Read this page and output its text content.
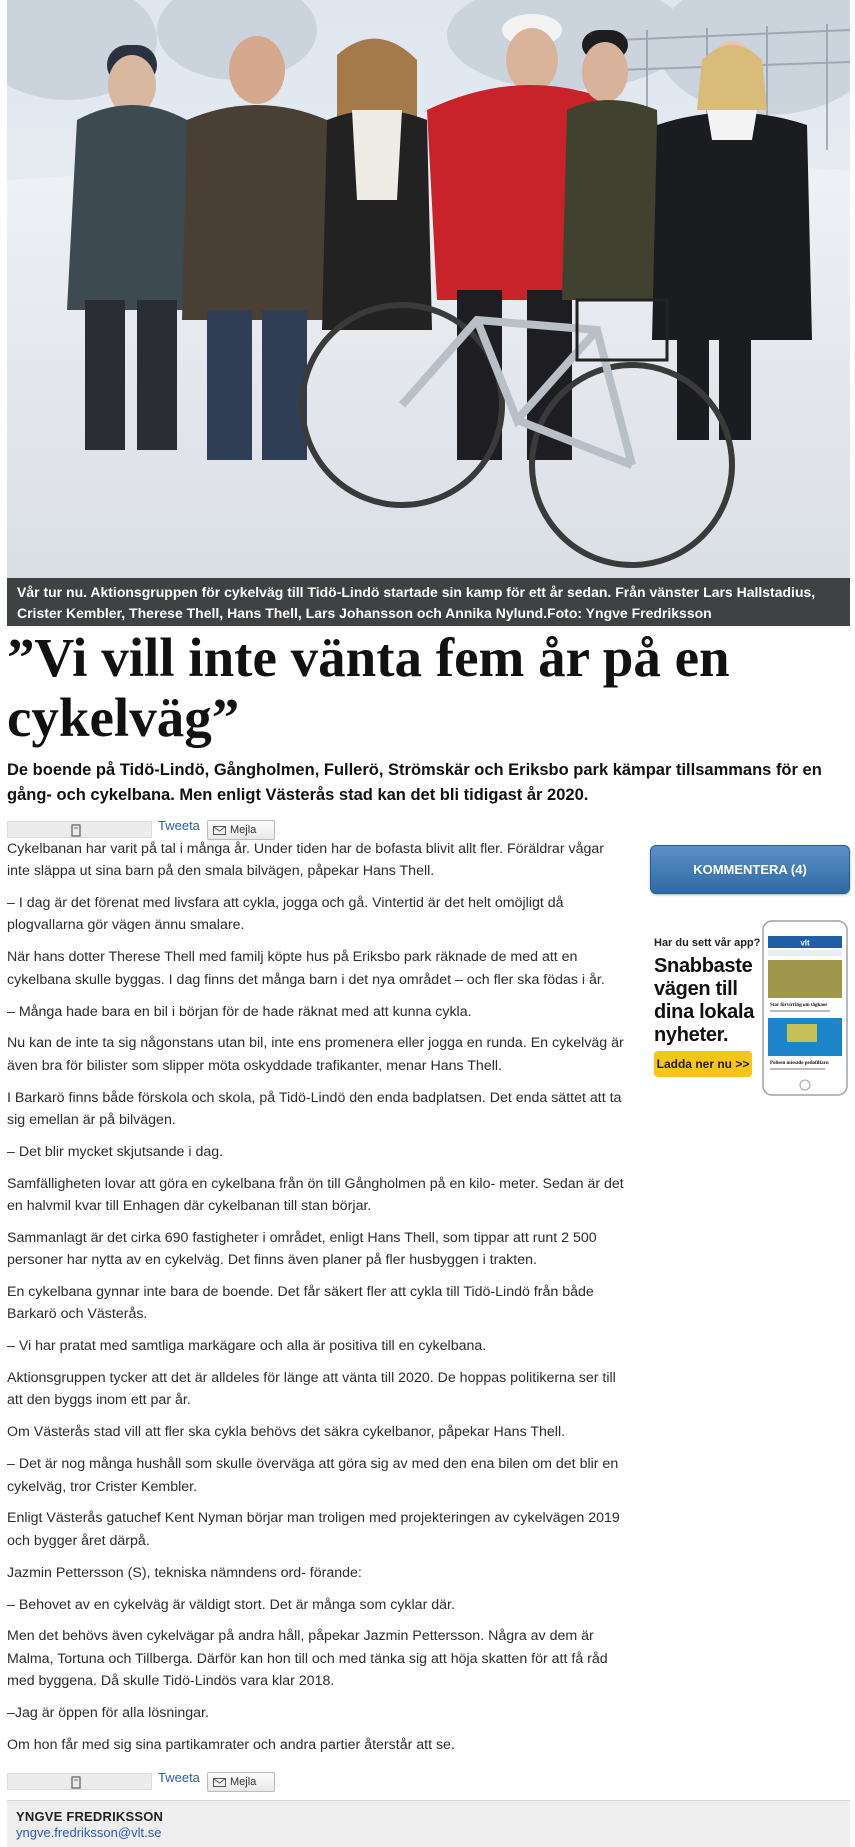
Vår tur nu. Aktionsgruppen för cykelväg till Tidö-Lindö startade sin kamp för ett år sedan. Från vänster Lars Hallstadius, Crister Kembler, Therese Thell, Hans Thell, Lars Johansson och Annika Nylund.Foto: Yngve Fredriksson
”Vi vill inte vänta fem år på en cykelväg”
De boende på Tidö-Lindö, Gångholmen, Fullerö, Strömskär och Eriksbo park kämpar tillsammans för en gång- och cykelbana. Men enligt Västerås stad kan det bli tidigast år 2020.
Tweeta	Mejla

Cykelbanan har varit på tal i många år. Under tiden har de bofasta blivit allt fler. Föräldrar vågar inte släppa ut sina barn på den smala bilvägen, påpekar Hans Thell.

– I dag är det förenat med livsfara att cykla, jogga och gå. Vintertid är det helt omöjligt då plogvallarna gör vägen ännu smalare.

När hans dotter Therese Thell med familj köpte hus på Eriksbo park räknade de med att en cykelbana skulle byggas. I dag finns det många barn i det nya området – och fler ska födas i år.

– Många hade bara en bil i början för de hade räknat med att kunna cykla.

Nu kan de inte ta sig någonstans utan bil, inte ens promenera eller jogga en runda. En cykelväg är även bra för bilister som slipper möta oskyddade trafikanter, menar Hans Thell.

I Barkarö finns både förskola och skola, på Tidö-Lindö den enda badplatsen. Det enda sättet att ta sig emellan är på bilvägen.

– Det blir mycket skjutsande i dag.

Samfälligheten lovar att göra en cykelbana från ön till Gångholmen på en kilo- meter. Sedan är det en halvmil kvar till Enhagen där cykelbanan till stan börjar.

Sammanlagt är det cirka 690 fastigheter i området, enligt Hans Thell, som tippar att runt 2 500 personer har nytta av en cykelväg. Det finns även planer på fler husbyggen i trakten.

En cykelbana gynnar inte bara de boende. Det får säkert fler att cykla till Tidö-Lindö från både Barkarö och Västerås.

– Vi har pratat med samtliga markägare och alla är positiva till en cykelbana.

Aktionsgruppen tycker att det är alldeles för länge att vänta till 2020. De hoppas politikerna ser till att den byggs inom ett par år.

Om Västerås stad vill att fler ska cykla behövs det säkra cykelbanor, påpekar Hans Thell.

– Det är nog många hushåll som skulle överväga att göra sig av med den ena bilen om det blir en cykelväg, tror Crister Kembler.

Enligt Västerås gatuchef Kent Nyman börjar man troligen med projekteringen av cykelvägen 2019 och bygger året därpå.

Jazmin Pettersson (S), tekniska nämndens ord- förande:

– Behovet av en cykelväg är väldigt stort. Det är många som cyklar där.

Men det behövs även cykelvägar på andra håll, påpekar Jazmin Pettersson. Några av dem är Malma, Tortuna och Tillberga. Därför kan hon till och med tänka sig att höja skatten för att få råd med byggena. Då skulle Tidö-Lindös vara klar 2018.

–Jag är öppen för alla lösningar.

Om hon får med sig sina partikamrater och andra partier återstår att se.

KOMMENTERA (4)
Har du sett vår app?
Snabbaste vägen till dina lokala nyheter.
Ladda ner nu >>
vlt
Stor förvirring om tågkaos
Polisen missade pedofilfarn
Tweeta	Mejla
YNGVE FREDRIKSSON
yngve.fredriksson@vlt.se
